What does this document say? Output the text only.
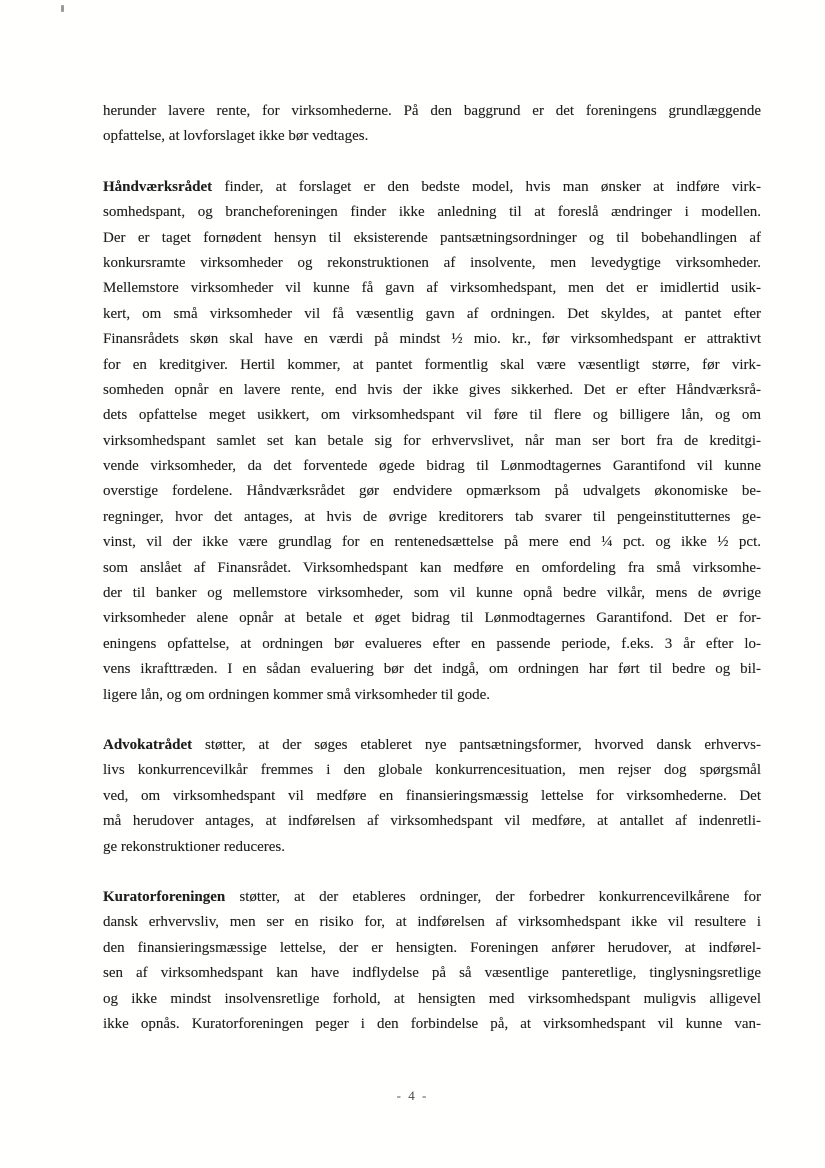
herunder lavere rente, for virksomhederne. På den baggrund er det foreningens grundlæggende
opfattelse, at lovforslaget ikke bør vedtages.
Håndværksrådet finder, at forslaget er den bedste model, hvis man ønsker at indføre virk-
somhedspant, og brancheforeningen finder ikke anledning til at foreslå ændringer i modellen.
Der er taget fornødent hensyn til eksisterende pantsætningsordninger og til bobehandlingen af
konkursramte virksomheder og rekonstruktionen af insolvente, men levedygtige virksomheder.
Mellemstore virksomheder vil kunne få gavn af virksomhedspant, men det er imidlertid usik-
kert, om små virksomheder vil få væsentlig gavn af ordningen. Det skyldes, at pantet efter
Finansrådets skøn skal have en værdi på mindst ½ mio. kr., før virksomhedspant er attraktivt
for en kreditgiver. Hertil kommer, at pantet formentlig skal være væsentligt større, før virk-
somheden opnår en lavere rente, end hvis der ikke gives sikkerhed. Det er efter Håndværksrå-
dets opfattelse meget usikkert, om virksomhedspant vil føre til flere og billigere lån, og om
virksomhedspant samlet set kan betale sig for erhvervslivet, når man ser bort fra de kreditgi-
vende virksomheder, da det forventede øgede bidrag til Lønmodtagernes Garantifond vil kunne
overstige fordelene. Håndværksrådet gør endvidere opmærksom på udvalgets økonomiske be-
regninger, hvor det antages, at hvis de øvrige kreditorers tab svarer til pengeinstitutternes ge-
vinst, vil der ikke være grundlag for en rentenedsættelse på mere end ¼ pct. og ikke ½ pct.
som anslået af Finansrådet. Virksomhedspant kan medføre en omfordeling fra små virksomhe-
der til banker og mellemstore virksomheder, som vil kunne opnå bedre vilkår, mens de øvrige
virksomheder alene opnår at betale et øget bidrag til Lønmodtagernes Garantifond. Det er for-
eningens opfattelse, at ordningen bør evalueres efter en passende periode, f.eks. 3 år efter lo-
vens ikrafttræden. I en sådan evaluering bør det indgå, om ordningen har ført til bedre og bil-
ligere lån, og om ordningen kommer små virksomheder til gode.
Advokatrådet støtter, at der søges etableret nye pantsætningsformer, hvorved dansk erhvervs-
livs konkurrencevilkår fremmes i den globale konkurrencesituation, men rejser dog spørgsmål
ved, om virksomhedspant vil medføre en finansieringsmæssig lettelse for virksomhederne. Det
må herudover antages, at indførelsen af virksomhedspant vil medføre, at antallet af indenretli-
ge rekonstruktioner reduceres.
Kuratorforeningen støtter, at der etableres ordninger, der forbedrer konkurrencevilkårene for
dansk erhvervsliv, men ser en risiko for, at indførelsen af virksomhedspant ikke vil resultere i
den finansieringsmæssige lettelse, der er hensigten. Foreningen anfører herudover, at indførel-
sen af virksomhedspant kan have indflydelse på så væsentlige panteretlige, tinglysningsretlige
og ikke mindst insolvensretlige forhold, at hensigten med virksomhedspant muligvis alligevel
ikke opnås. Kuratorforeningen peger i den forbindelse på, at virksomhedspant vil kunne van-
- 4 -
